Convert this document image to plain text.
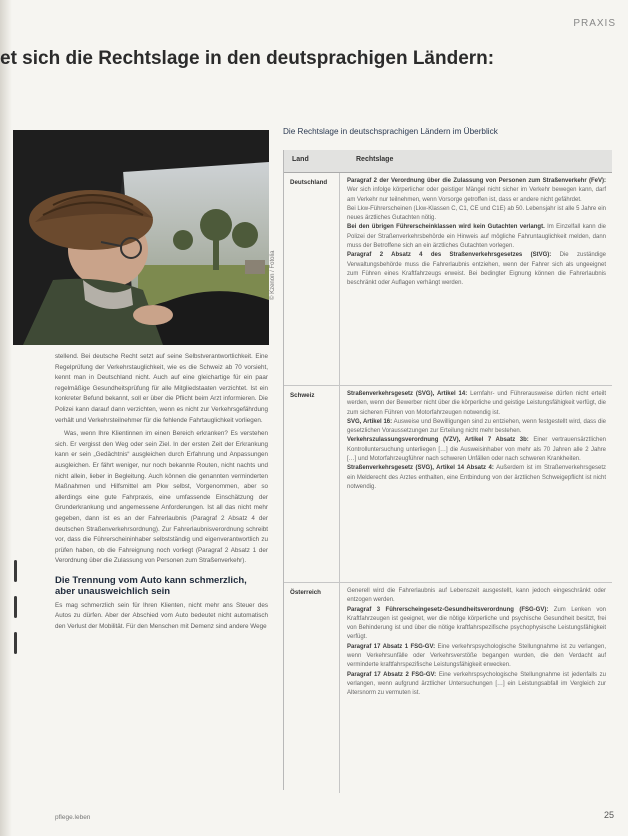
PRAXIS
et sich die Rechtslage in den deutsprachigen Ländern:
© Kzenon / Fotolia

stellend. Bei deutsche Recht setzt auf seine Selbstverantwortlichkeit. Eine Regelprüfung der Verkehrstauglichkeit, wie es die Schweiz ab 70 vorsieht, kennt man in Deutschland nicht. Auch auf eine gleichartige für ein paar regelmäßige Gesundheitsprüfung für alle Mitgliedstaaten verzichtet. Ist ein konkreter Befund bekannt, soll er über die Pflicht beim Arzt informieren. Die Polizei kann darauf dann verzichten, wenn es nicht zur Verkehrsgefährdung verhält und Verkehrsteilnehmer für die fehlende Fahrtauglichkeit vorliegen.

Was, wenn Ihre Klientinnen im einen Bereich erkranken? Es verstehen sich. Er vergisst den Weg oder sein Ziel. In der ersten Zeit der Erkrankung kann er sein „Gedächtnis“ ausgleichen durch Erfahrung und Anpassungen ausgleichen. Er fährt weniger, nur noch bekannte Routen, nicht nachts und nicht allein, lieber in Begleitung. Auch können die genannten verminderten Maßnahmen und Hilfsmittel am Pkw selbst, Vorgenommen, aber so allerdings eine gute Fahrpraxis, eine umfassende Einschätzung der Grunderkrankung und angemessene Anforderungen. Ist all das nicht mehr gegeben, dann ist es an der Fahrerlaubnis (Paragraf 2 Absatz 4 der deutschen Straßenverkehrsordnung). Zur Fahrerlaubnisverordnung schreibt vor, dass die Führerscheininhaber selbstständig und eigenverantwortlich zu prüfen haben, ob die Fahreignung noch vorliegt (Paragraf 2 Absatz 1 der Verordnung über die Zulassung von Personen zum Straßenverkehr).

Die Trennung vom Auto kann schmerzlich, aber unausweichlich sein

Es mag schmerzlich sein für Ihren Klienten, nicht mehr ans Steuer des Autos zu dürfen. Aber der Abschied vom Auto bedeutet nicht automatisch den Verlust der Mobilität. Für den Menschen mit Demenz sind andere Wege

Die Rechtslage in deutschsprachigen Ländern im Überblick
Land	Rechtslage
Deutschland	Paragraf 2 der Verordnung über die Zulassung von Personen zum Straßenverkehr (FeV): Wer sich infolge körperlicher oder geistiger Mängel nicht sicher im Verkehr bewegen kann, darf am Verkehr nur teilnehmen, wenn Vorsorge getroffen ist, dass er andere nicht gefährdet.

Bei Lkw-Führerscheinen (Lkw-Klassen C, C1, CE und C1E) ab 50. Lebensjahr ist alle 5 Jahre ein neues ärztliches Gutachten nötig.

Bei den übrigen Führerscheinklassen wird kein Gutachten verlangt. Im Einzelfall kann die Polizei der Straßenverkehrsbehörde ein Hinweis auf mögliche Fahruntauglichkeit melden, dann muss der Betroffene sich an ein ärztliches Gutachten vorlegen.

Paragraf 2 Absatz 4 des Straßenverkehrsgesetzes (StVG): Die zuständige Verwaltungsbehörde muss die Fahrerlaubnis entziehen, wenn der Fahrer sich als ungeeignet zum Führen eines Kraftfahrzeugs erweist. Bei bedingter Eignung können die Fahrerlaubnis beschränkt oder Auflagen verhängt werden.

Schweiz	Straßenverkehrsgesetz (SVG), Artikel 14: Lernfahr- und Führerausweise dürfen nicht erteilt werden, wenn der Bewerber nicht über die körperliche und geistige Leistungsfähigkeit verfügt, die zum sicheren Führen von Motorfahrzeugen notwendig ist.

SVG, Artikel 16: Ausweise und Bewilligungen sind zu entziehen, wenn festgestellt wird, dass die gesetzlichen Voraussetzungen zur Erteilung nicht mehr bestehen.

Verkehrszulassungsverordnung (VZV), Artikel 7 Absatz 3b: Einer vertrauensärztlichen Kontrolluntersuchung unterliegen […] die Ausweisinhaber von mehr als 70 Jahren alle 2 Jahre […] und Motorfahrzeugführer nach schweren Unfällen oder nach schweren Krankheiten.

Straßenverkehrsgesetz (SVG), Artikel 14 Absatz 4: Außerdem ist im Straßenverkehrsgesetz ein Melderecht des Arztes enthalten, eine Entbindung von der ärztlichen Schweigepflicht ist nicht notwendig.

Österreich	Generell wird die Fahrerlaubnis auf Lebenszeit ausgestellt, kann jedoch eingeschränkt oder entzogen werden.

Paragraf 3 Führerscheingesetz-Gesundheitsverordnung (FSG-GV): Zum Lenken von Kraftfahrzeugen ist geeignet, wer die nötige körperliche und psychische Gesundheit besitzt, frei von Behinderung ist und über die nötige kraftfahrspezifische psychophysische Leistungsfähigkeit verfügt.

Paragraf 17 Absatz 1 FSG-GV: Eine verkehrspsychologische Stellungnahme ist zu verlangen, wenn Verkehrsunfälle oder Verkehrsverstöße begangen wurden, die den Verdacht auf verminderte kraftfahrspezifische Leistungsfähigkeit erwecken.

Paragraf 17 Absatz 2 FSG-GV: Eine verkehrspsychologische Stellungnahme ist jedenfalls zu verlangen, wenn aufgrund ärztlicher Untersuchungen […] ein Leistungsabfall im Vergleich zur Altersnorm zu vermuten ist.

pflege.leben	25
